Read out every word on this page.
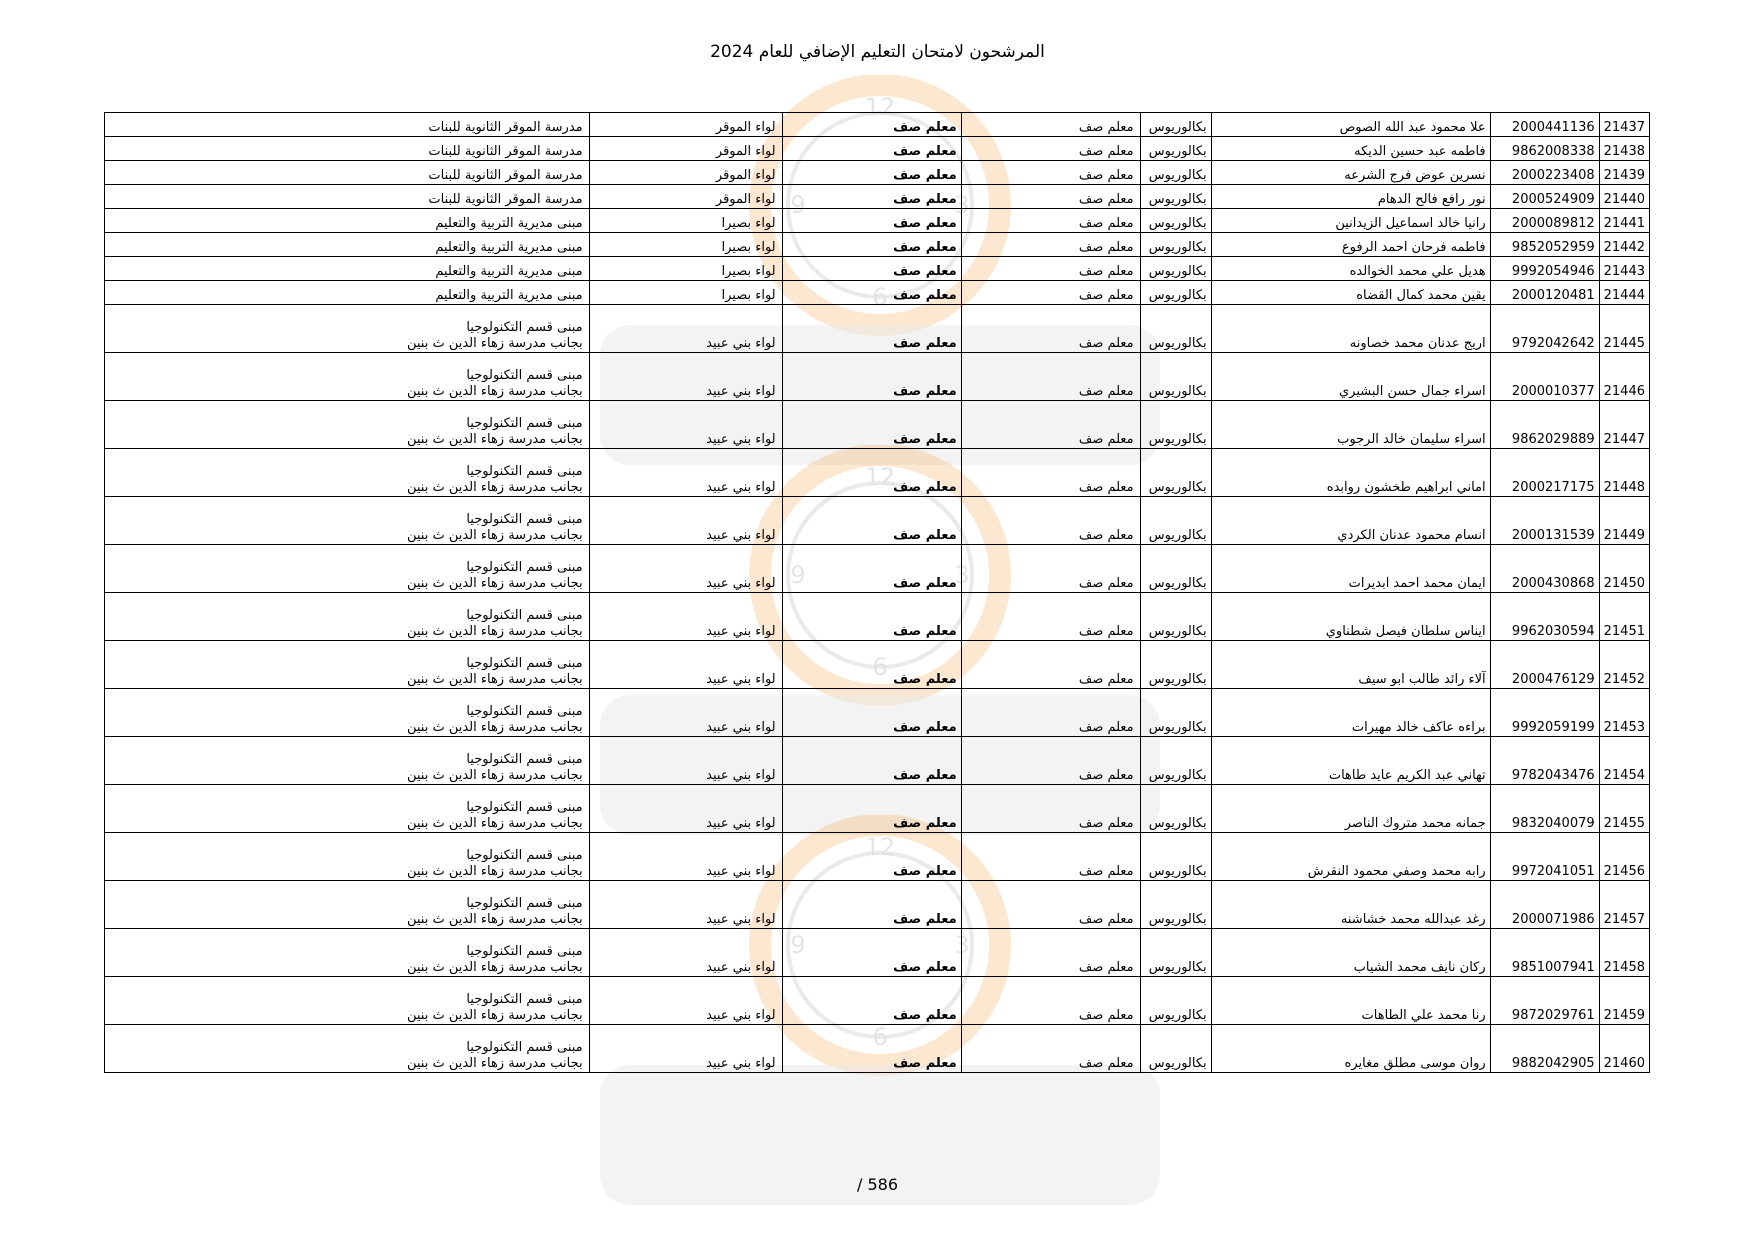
12
3
9
6
12
3
9
6
12
3
9
6
المرشحون لامتحان التعليم الإضافي للعام 2024
21437	2000441136	علا محمود عبد الله الصوص	بكالوريوس	معلم صف	معلم صف	لواء الموقر	مدرسة الموقر الثانوية للبنات

21438	9862008338	فاطمه عبد حسين الديكه	بكالوريوس	معلم صف	معلم صف	لواء الموقر	مدرسة الموقر الثانوية للبنات

21439	2000223408	نسرين عوض فرج الشرعه	بكالوريوس	معلم صف	معلم صف	لواء الموقر	مدرسة الموقر الثانوية للبنات

21440	2000524909	نور رافع فالح الدهام	بكالوريوس	معلم صف	معلم صف	لواء الموقر	مدرسة الموقر الثانوية للبنات

21441	2000089812	رانيا خالد اسماعيل الزيدانين	بكالوريوس	معلم صف	معلم صف	لواء بصيرا	مبنى مديرية التربية والتعليم

21442	9852052959	فاطمه فرحان احمد الرفوع	بكالوريوس	معلم صف	معلم صف	لواء بصيرا	مبنى مديرية التربية والتعليم

21443	9992054946	هديل علي محمد الخوالده	بكالوريوس	معلم صف	معلم صف	لواء بصيرا	مبنى مديرية التربية والتعليم

21444	2000120481	يقين محمد كمال القضاه	بكالوريوس	معلم صف	معلم صف	لواء بصيرا	مبنى مديرية التربية والتعليم

21445	9792042642	اريج عدنان محمد خصاونه	بكالوريوس	معلم صف	معلم صف	لواء بني عبيد	مبنى قسم التكنولوجيا
بجانب مدرسة زهاء الدين ث بنين

21446	2000010377	اسراء جمال حسن البشيري	بكالوريوس	معلم صف	معلم صف	لواء بني عبيد	مبنى قسم التكنولوجيا
بجانب مدرسة زهاء الدين ث بنين

21447	9862029889	اسراء سليمان خالد الرجوب	بكالوريوس	معلم صف	معلم صف	لواء بني عبيد	مبنى قسم التكنولوجيا
بجانب مدرسة زهاء الدين ث بنين

21448	2000217175	اماني ابراهيم طخشون روابده	بكالوريوس	معلم صف	معلم صف	لواء بني عبيد	مبنى قسم التكنولوجيا
بجانب مدرسة زهاء الدين ث بنين

21449	2000131539	انسام محمود عدنان الكردي	بكالوريوس	معلم صف	معلم صف	لواء بني عبيد	مبنى قسم التكنولوجيا
بجانب مدرسة زهاء الدين ث بنين

21450	2000430868	ايمان محمد احمد ابديرات	بكالوريوس	معلم صف	معلم صف	لواء بني عبيد	مبنى قسم التكنولوجيا
بجانب مدرسة زهاء الدين ث بنين

21451	9962030594	ايناس سلطان فيصل شطناوي	بكالوريوس	معلم صف	معلم صف	لواء بني عبيد	مبنى قسم التكنولوجيا
بجانب مدرسة زهاء الدين ث بنين

21452	2000476129	آلاء رائد طالب ابو سيف	بكالوريوس	معلم صف	معلم صف	لواء بني عبيد	مبنى قسم التكنولوجيا
بجانب مدرسة زهاء الدين ث بنين

21453	9992059199	براءه عاكف خالد مهيرات	بكالوريوس	معلم صف	معلم صف	لواء بني عبيد	مبنى قسم التكنولوجيا
بجانب مدرسة زهاء الدين ث بنين

21454	9782043476	تهاني عبد الكريم عايد طاهات	بكالوريوس	معلم صف	معلم صف	لواء بني عبيد	مبنى قسم التكنولوجيا
بجانب مدرسة زهاء الدين ث بنين

21455	9832040079	جمانه محمد متروك الناصر	بكالوريوس	معلم صف	معلم صف	لواء بني عبيد	مبنى قسم التكنولوجيا
بجانب مدرسة زهاء الدين ث بنين

21456	9972041051	رابه محمد وصفي محمود النقرش	بكالوريوس	معلم صف	معلم صف	لواء بني عبيد	مبنى قسم التكنولوجيا
بجانب مدرسة زهاء الدين ث بنين

21457	2000071986	رغد عبدالله محمد خشاشنه	بكالوريوس	معلم صف	معلم صف	لواء بني عبيد	مبنى قسم التكنولوجيا
بجانب مدرسة زهاء الدين ث بنين

21458	9851007941	ركان نايف محمد الشياب	بكالوريوس	معلم صف	معلم صف	لواء بني عبيد	مبنى قسم التكنولوجيا
بجانب مدرسة زهاء الدين ث بنين

21459	9872029761	رنا محمد علي الطاهات	بكالوريوس	معلم صف	معلم صف	لواء بني عبيد	مبنى قسم التكنولوجيا
بجانب مدرسة زهاء الدين ث بنين

21460	9882042905	روان موسى مطلق مغايره	بكالوريوس	معلم صف	معلم صف	لواء بني عبيد	مبنى قسم التكنولوجيا
بجانب مدرسة زهاء الدين ث بنين
/ 586
